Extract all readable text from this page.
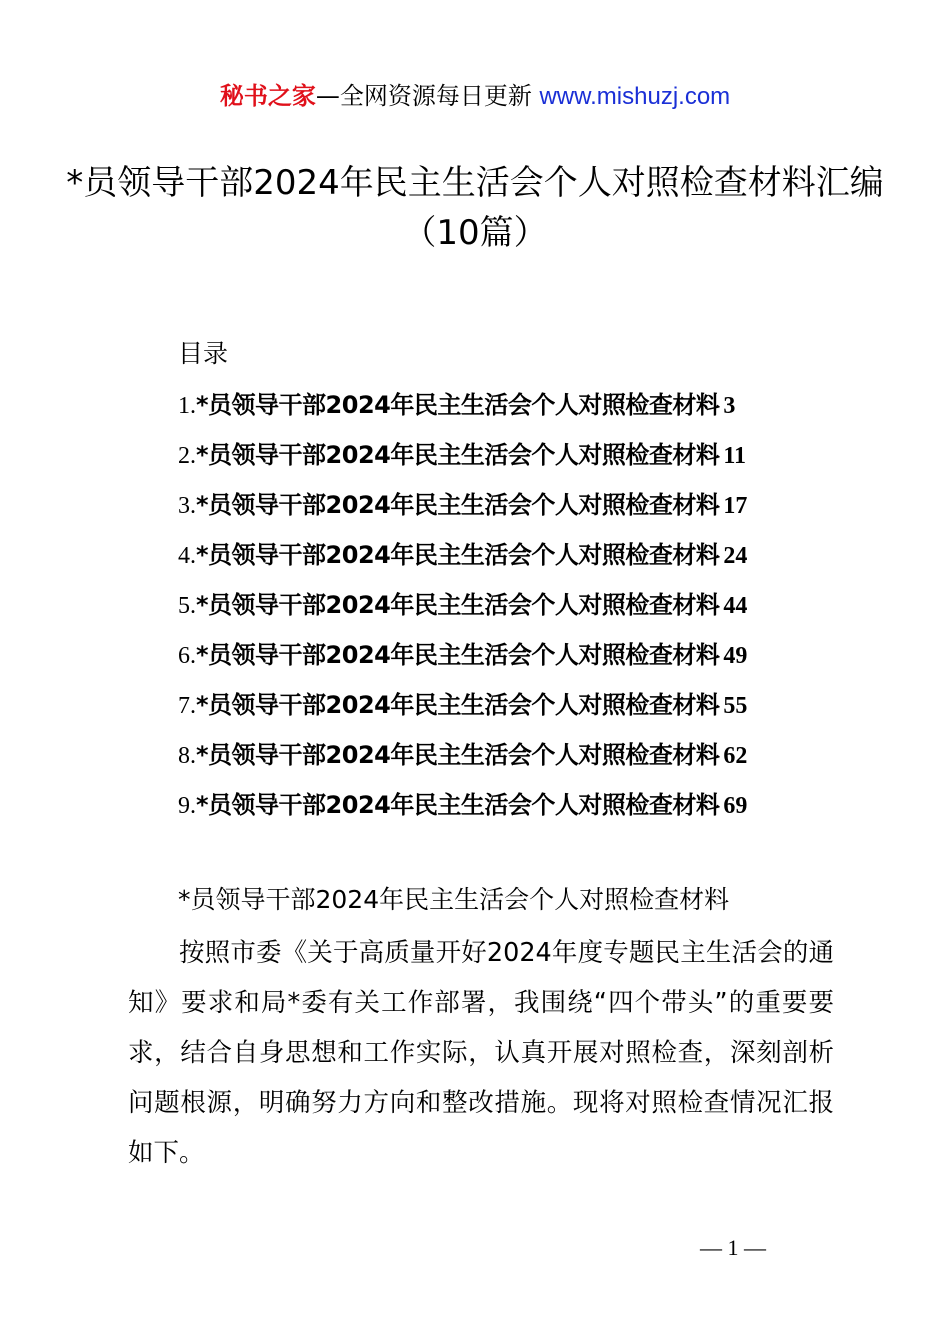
秘书之家—全网资源每日更新 www.mishuzj.com
*员领导干部2024年民主生活会个人对照检查材料汇编（10篇）
目录
1.*员领导干部2024年民主生活会个人对照检查材料 3
2.*员领导干部2024年民主生活会个人对照检查材料 11
3.*员领导干部2024年民主生活会个人对照检查材料 17
4.*员领导干部2024年民主生活会个人对照检查材料 24
5.*员领导干部2024年民主生活会个人对照检查材料 44
6.*员领导干部2024年民主生活会个人对照检查材料 49
7.*员领导干部2024年民主生活会个人对照检查材料 55
8.*员领导干部2024年民主生活会个人对照检查材料 62
9.*员领导干部2024年民主生活会个人对照检查材料 69
*员领导干部2024年民主生活会个人对照检查材料
按照市委《关于高质量开好2024年度专题民主生活会的通知》要求和局*委有关工作部署，我围绕“四个带头”的重要要求，结合自身思想和工作实际，认真开展对照检查，深刻剖析问题根源，明确努力方向和整改措施。现将对照检查情况汇报如下。
— 1 —
